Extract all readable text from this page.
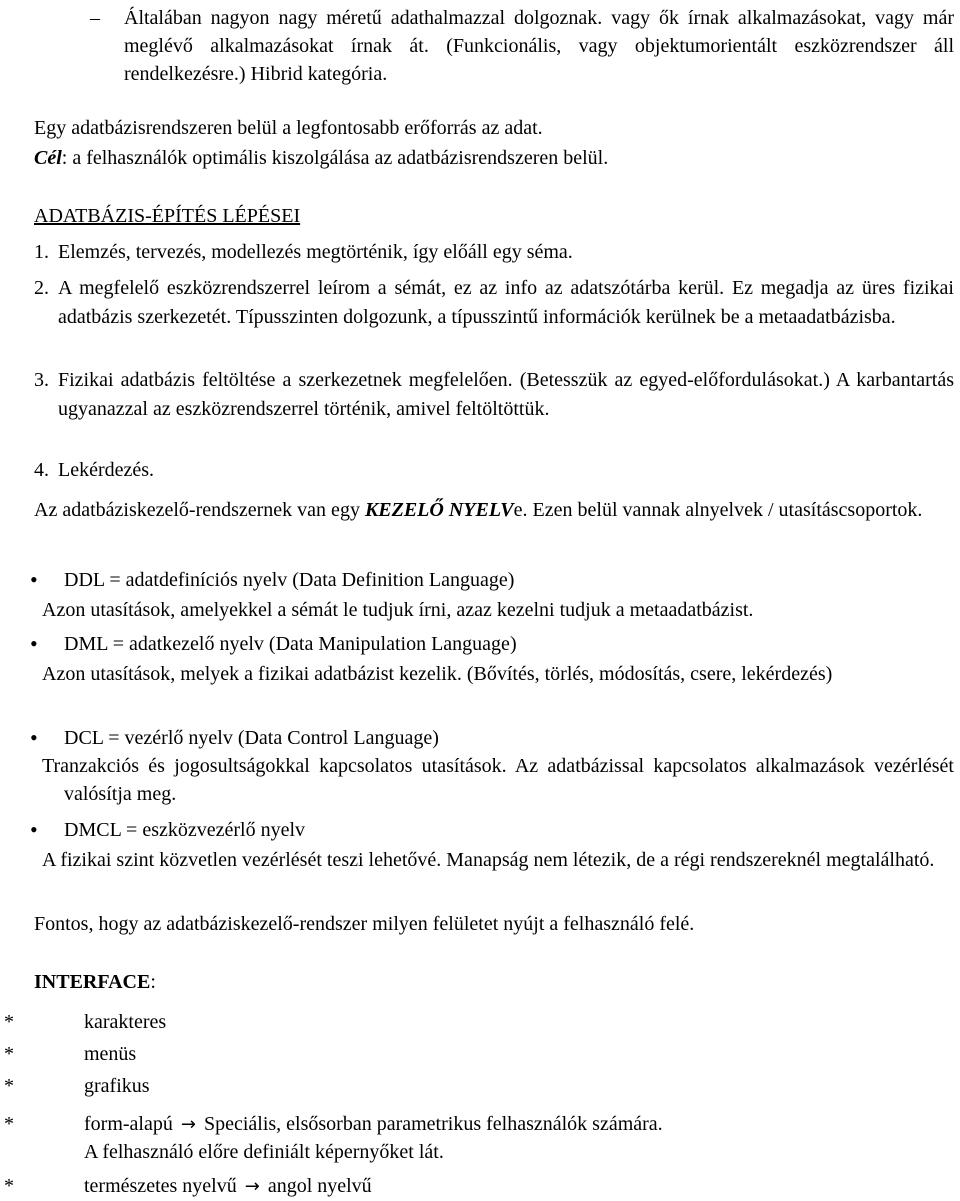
– Általában nagyon nagy méretű adathalmazzal dolgoznak. vagy ők írnak alkalmazásokat, vagy már meglévő alkalmazásokat írnak át. (Funkcionális, vagy objektumorientált eszközrendszer áll rendelkezésre.) Hibrid kategória.
Egy adatbázisrendszeren belül a legfontosabb erőforrás az adat.
Cél: a felhasználók optimális kiszolgálása az adatbázisrendszeren belül.
ADATBÁZIS-ÉPÍTÉS LÉPÉSEI
1. Elemzés, tervezés, modellezés megtörténik, így előáll egy séma.
2. A megfelelő eszközrendszerrel leírom a sémát, ez az info az adatszótárba kerül. Ez megadja az üres fizikai adatbázis szerkezetét. Típusszinten dolgozunk, a típusszintű információk kerülnek be a metaadatbázisba.
3. Fizikai adatbázis feltöltése a szerkezetnek megfelelően. (Betesszük az egyed-előfordulásokat.) A karbantartás ugyanazzal az eszközrendszerrel történik, amivel feltöltöttük.
4. Lekérdezés.
Az adatbáziskezelő-rendszernek van egy KEZELŐ NYELVe. Ezen belül vannak alnyelvek / utasításcsoportok.
• DDL = adatdefiníciós nyelv (Data Definition Language)
Azon utasítások, amelyekkel a sémát le tudjuk írni, azaz kezelni tudjuk a metaadatbázist.
• DML = adatkezelő nyelv (Data Manipulation Language)
Azon utasítások, melyek a fizikai adatbázist kezelik. (Bővítés, törlés, módosítás, csere, lekérdezés)
• DCL = vezérlő nyelv (Data Control Language)
Tranzakciós és jogosultságokkal kapcsolatos utasítások. Az adatbázissal kapcsolatos alkalmazások vezérlését valósítja meg.
• DMCL = eszközvezérlő nyelv
A fizikai szint közvetlen vezérlését teszi lehetővé. Manapság nem létezik, de a régi rendszereknél megtalálható.
Fontos, hogy az adatbáziskezelő-rendszer milyen felületet nyújt a felhasználó felé.
INTERFACE:
*	karakteres
*	menüs
*	grafikus
*	form-alapú → Speciális, elsősorban parametrikus felhasználók számára.
A felhasználó előre definiált képernyőket lát.
*	természetes nyelvű → angol nyelvű
